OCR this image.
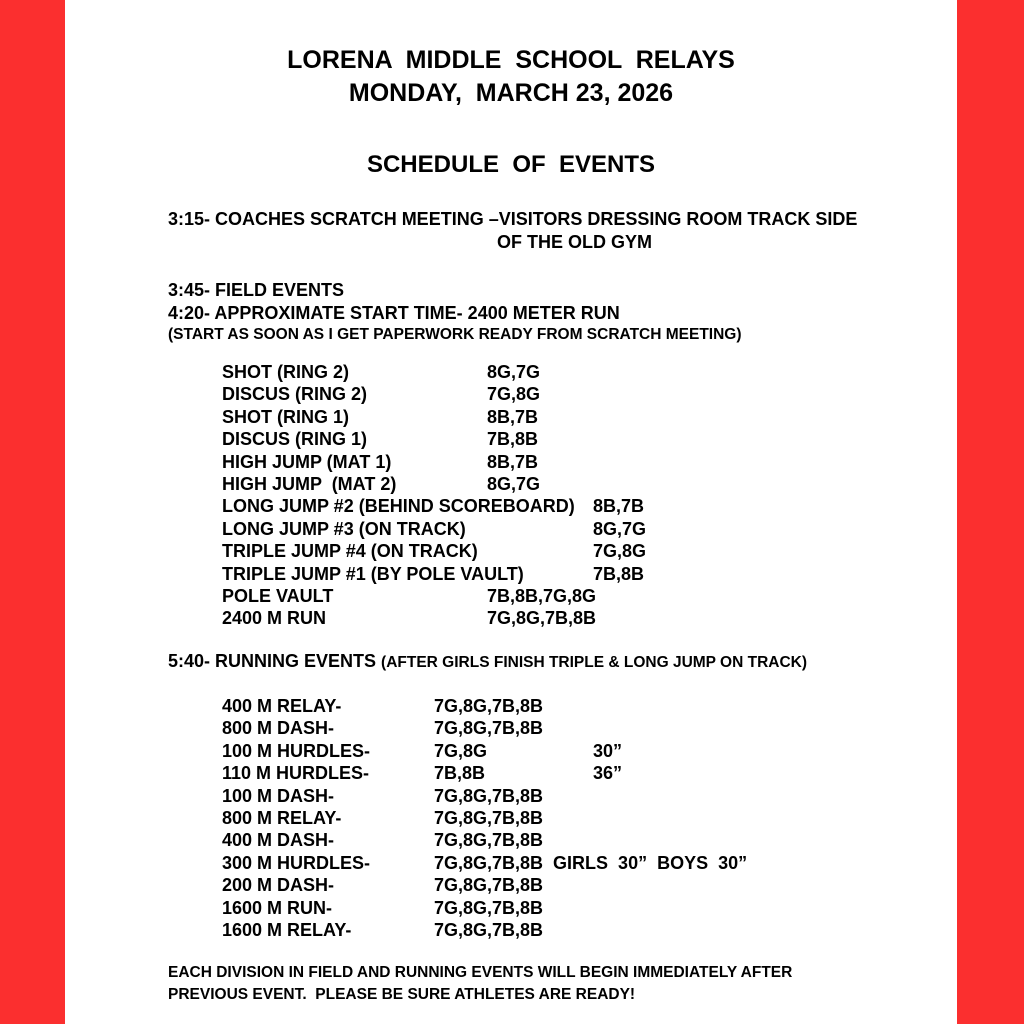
LORENA  MIDDLE  SCHOOL  RELAYS
MONDAY,  MARCH 23, 2026
SCHEDULE  OF  EVENTS
3:15- COACHES SCRATCH MEETING –VISITORS DRESSING ROOM TRACK SIDE
OF THE OLD GYM
3:45- FIELD EVENTS
4:20- APPROXIMATE START TIME- 2400 METER RUN
(START AS SOON AS I GET PAPERWORK READY FROM SCRATCH MEETING)
SHOT (RING 2)	8G,7G
DISCUS (RING 2)	7G,8G
SHOT (RING 1)	8B,7B
DISCUS (RING 1)	7B,8B
HIGH JUMP (MAT 1)	8B,7B
HIGH JUMP  (MAT 2)	8G,7G
LONG JUMP #2 (BEHIND SCOREBOARD) 8B,7B
LONG JUMP #3 (ON TRACK)	8G,7G
TRIPLE JUMP #4 (ON TRACK)	7G,8G
TRIPLE JUMP #1 (BY POLE VAULT)	7B,8B
POLE VAULT	7B,8B,7G,8G
2400 M RUN	7G,8G,7B,8B
5:40- RUNNING EVENTS (AFTER GIRLS FINISH TRIPLE & LONG JUMP ON TRACK)
400 M RELAY-	7G,8G,7B,8B
800 M DASH-	7G,8G,7B,8B
100 M HURDLES-	7G,8G	30”
110 M HURDLES-	7B,8B	36”
100 M DASH-	7G,8G,7B,8B
800 M RELAY-	7G,8G,7B,8B
400 M DASH-	7G,8G,7B,8B
300 M HURDLES-	7G,8G,7B,8B  GIRLS  30”  BOYS  30”
200 M DASH-	7G,8G,7B,8B
1600 M RUN-	7G,8G,7B,8B
1600 M RELAY-	7G,8G,7B,8B
EACH DIVISION IN FIELD AND RUNNING EVENTS WILL BEGIN IMMEDIATELY AFTER PREVIOUS EVENT.  PLEASE BE SURE ATHLETES ARE READY!
